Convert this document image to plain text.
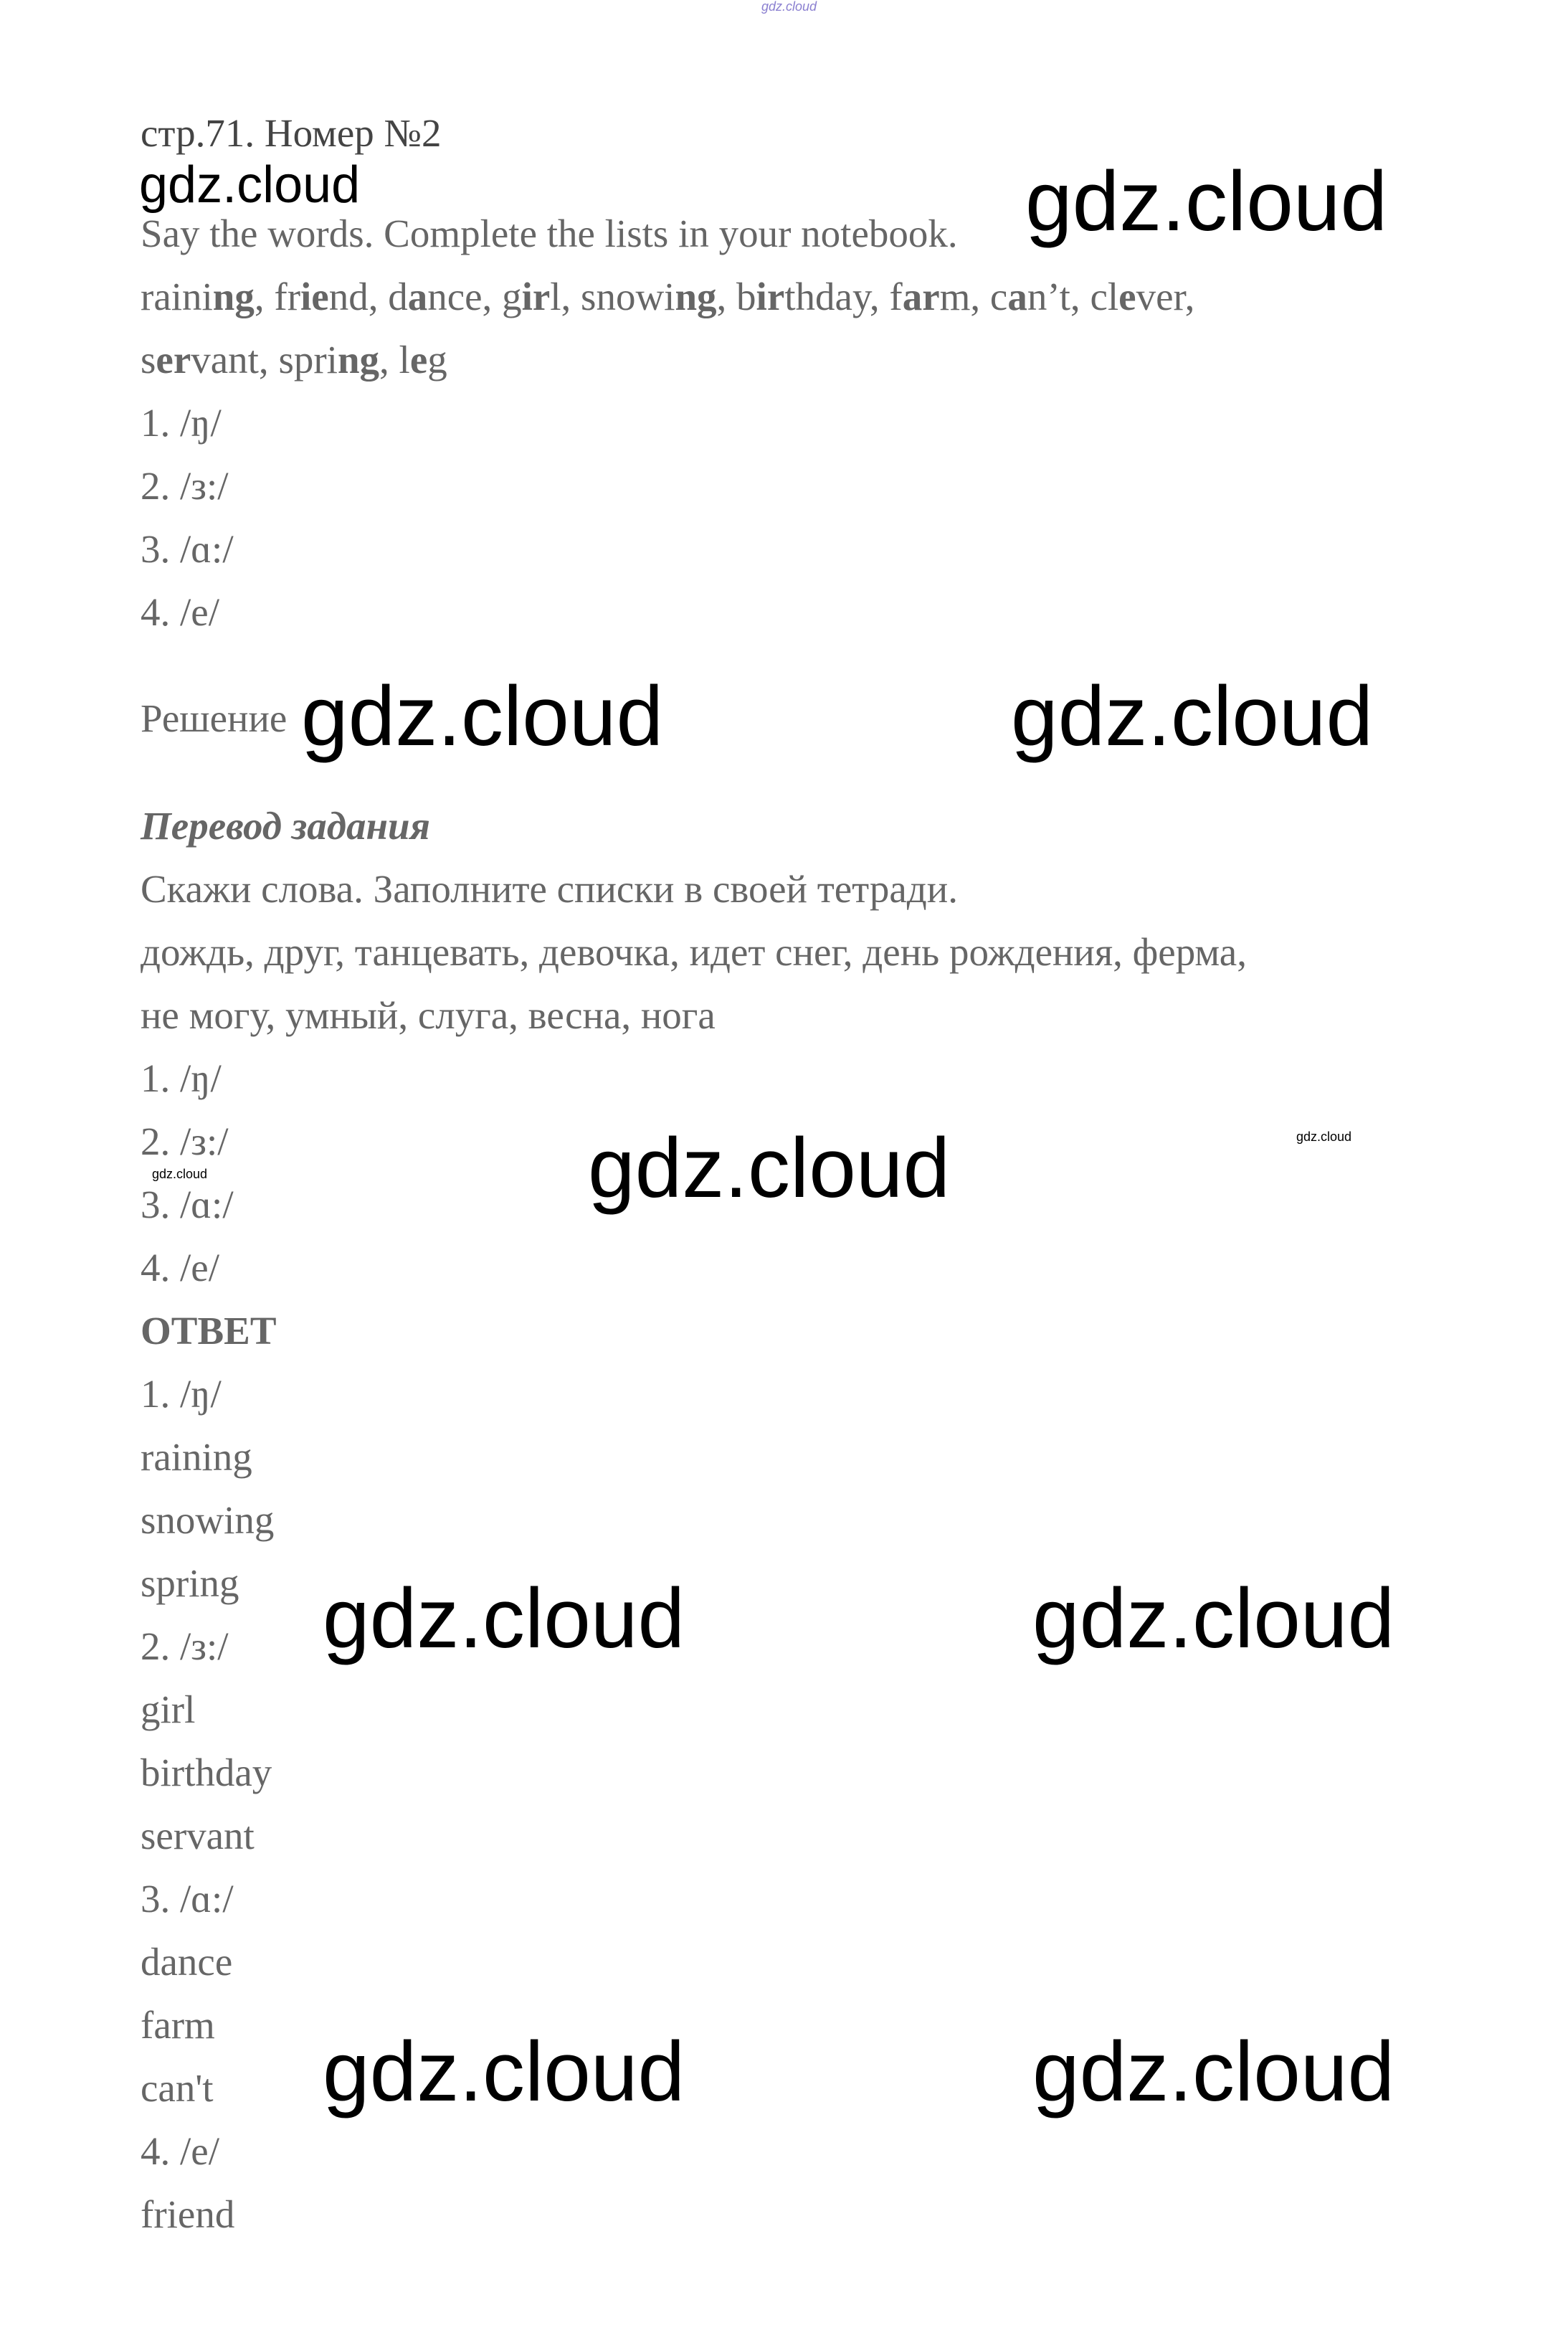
gdz.cloud
стр.71. Номер №2
gdz.cloud
Say the words. Complete the lists in your notebook. gdz.cloud
raining, friend, dance, girl, snowing, birthday, farm, can’t, clever,
servant, spring, leg
1. /ŋ/
2. /з:/
3. /ɑ:/
4. /e/
Решение gdz.cloud	gdz.cloud
Перевод задания
Скажи слова. Заполните списки в своей тетради.
дождь, друг, танцевать, девочка, идет снег, день рождения, ферма,
не могу, умный, слуга, весна, нога
1. /ŋ/
2. /з:/
3. /ɑ:/
4. /e/
gdz.cloud	gdz.cloud
gdz.cloud
ОТВЕТ
1. /ŋ/
raining
snowing
spring
2. /з:/
girl
birthday
servant
3. /ɑ:/
dance
farm
can't
4. /e/
friend
gdz.cloud	gdz.cloud
gdz.cloud	gdz.cloud
